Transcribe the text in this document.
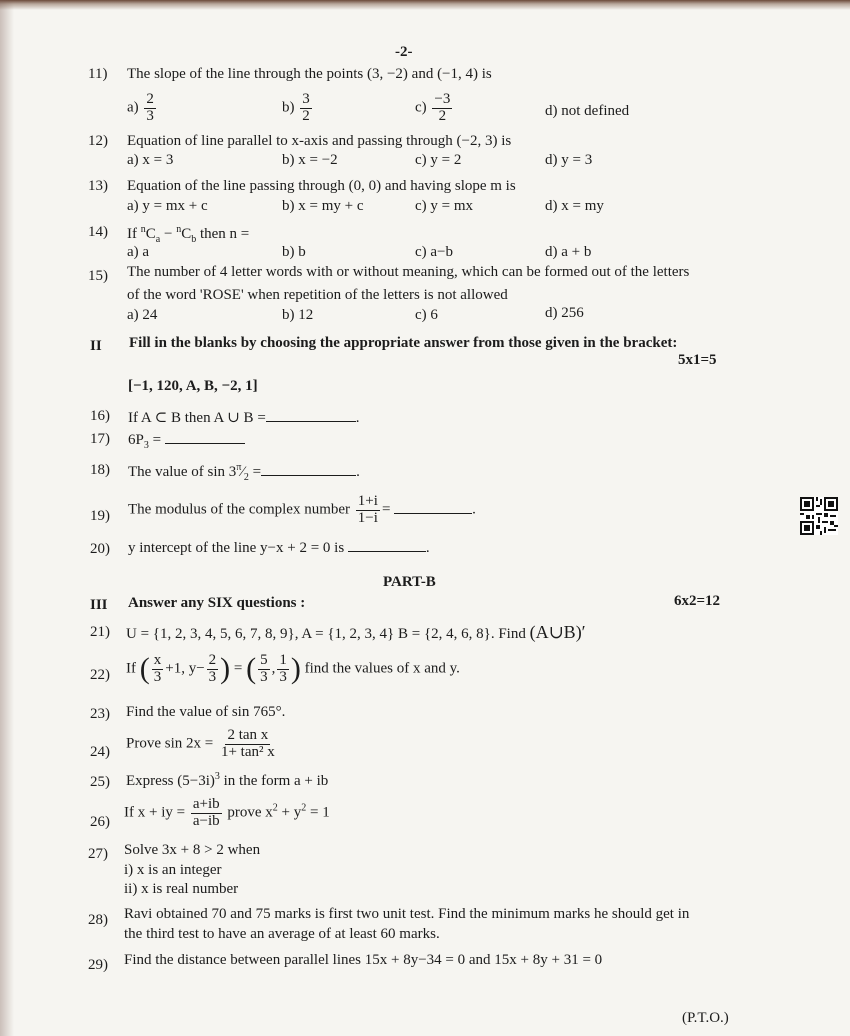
-2-
11) The slope of the line through the points (3, −2) and (−1, 4) is
$a) \frac{2}{3}$	$b) \frac{3}{2}$	$c) \frac{-3}{2}$	d) not defined
12) Equation of line parallel to x-axis and passing through (−2, 3) is
a) x = 3	b) x = −2	c) y = 2	d) y = 3
13) Equation of the line passing through (0, 0) and having slope m is
a) y = mx + c	b) x = my + c	c) y = mx	d) x = my
14) If $^nC_a - ^nC_b$ then n =
a) a	b) b	c) a−b	d) a + b
15) The number of 4 letter words with or without meaning, which can be formed out of the letters
of the word 'ROSE' when repetition of the letters is not allowed
a) 24	b) 12	c) 6	d) 256
II Fill in the blanks by choosing the appropriate answer from those given in the bracket:
5x1=5
[−1, 120, A, B, −2, 1]
16) If A ⊂ B then A ∪ B =	.
17) $6P_3$ =
18) The value of $\sin 3^\pi⁄_2$ =	.
19) The modulus of the complex number $\frac{1+i}{1-i}$ =	.
20) y intercept of the line y−x + 2 = 0 is	.
PART-B
III Answer any SIX questions :	6x2=12
21) U = {1, 2, 3, 4, 5, 6, 7, 8, 9}, A = {1, 2, 3, 4} B = {2, 4, 6, 8}. Find (A∪B)′
22) If ( $\frac{x}{3} +1$, $y- \frac{2}{3}$ ) = ( $\frac{5}{3}$ , $\frac{1}{3}$ ) find the values of x and y.
23) Find the value of sin 765°.
24)
Prove $\sin 2x = \frac{\text{2 tan x}}{\text{1+ tan² x}}$
25) Express $(5-3i)^3$ in the form a + ib
26)
If x + iy = $\frac{a+ib}{a-ib}$ prove $x^2 + y^2 = 1$
27) Solve 3x + 8 > 2 when
i) x is an integer
ii) x is real number
28) Ravi obtained 70 and 75 marks is first two unit test. Find the minimum marks he should get in
the third test to have an average of at least 60 marks.
29) Find the distance between parallel lines 15x + 8y−34 = 0 and 15x + 8y + 31 = 0
(P.T.O.)
